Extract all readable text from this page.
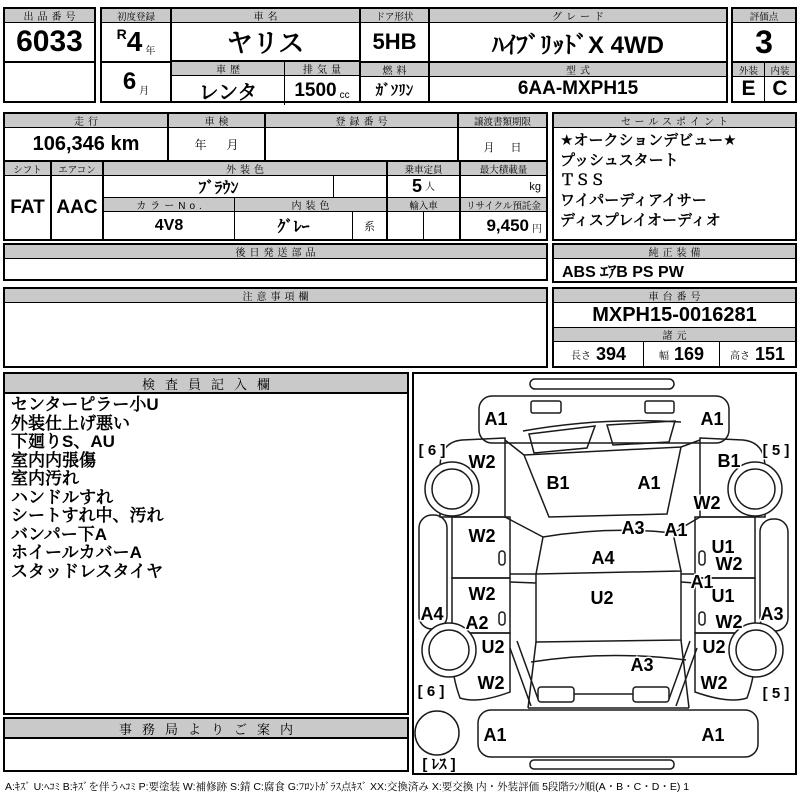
出品番号
6033
初度登録
R 4 年
6 月
車名
ヤリス
車歴
レンタ
排気量
1500 cc
ドア形状
5HB
燃料
ｶﾞｿﾘﾝ
グレード
ﾊｲﾌﾞﾘｯﾄﾞX 4WD
型式
6AA-MXPH15
評価点
3
外装
E
内装
C
走行
106,346 km
車検
年 月
登録番号	譲渡書類期限
月 日
シフト
FAT
エアコン
AAC
外装色
ﾌﾞﾗｳﾝ
カラーNo.	内装色
4V8	ｸﾞﾚｰ	系
乗車定員
5 人
輸入車
最大積載量
kg
リサイクル預託金
9,450 円
セールスポイント
★オークションデビュー★
プッシュスタート
ＴＳＳ
ワイパーディアイサー
ディスプレイオーディオ
後日発送部品	純正装備
ABS ｴｱB PS PW
注意事項欄	車台番号
MXPH15-0016281
諸元
長さ 394	幅 169	高さ 151
検査員記入欄
センターピラー小U
外装仕上げ悪い
下廻りS、AU
室内内張傷
室内汚れ
ハンドルすれ
シートすれ中、汚れ
バンパー下A
ホイールカバーA
スタッドレスタイヤ
事務局よりご案内
A1	A1
[ 6 ]	[ 5 ]
W2	B1
B1	A1
W2
A3 A1
W2
A4
U1
W2
A1
W2	U2	U1
A4 A2	W2 A3
U2	U2
A3
W2	W2
[ 6 ]	[ 5 ]
A1	A1
[ ﾚｽ ]
A:ｷｽﾞ U:ﾍｺﾐ B:ｷｽﾞを伴うﾍｺﾐ P:要塗装 W:補修跡 S:錆 C:腐食 G:ﾌﾛﾝﾄｶﾞﾗｽ点ｷｽﾞ XX:交換済み X:要交換 内・外装評価 5段階ﾗﾝｸ順(A・B・C・D・E) 1
